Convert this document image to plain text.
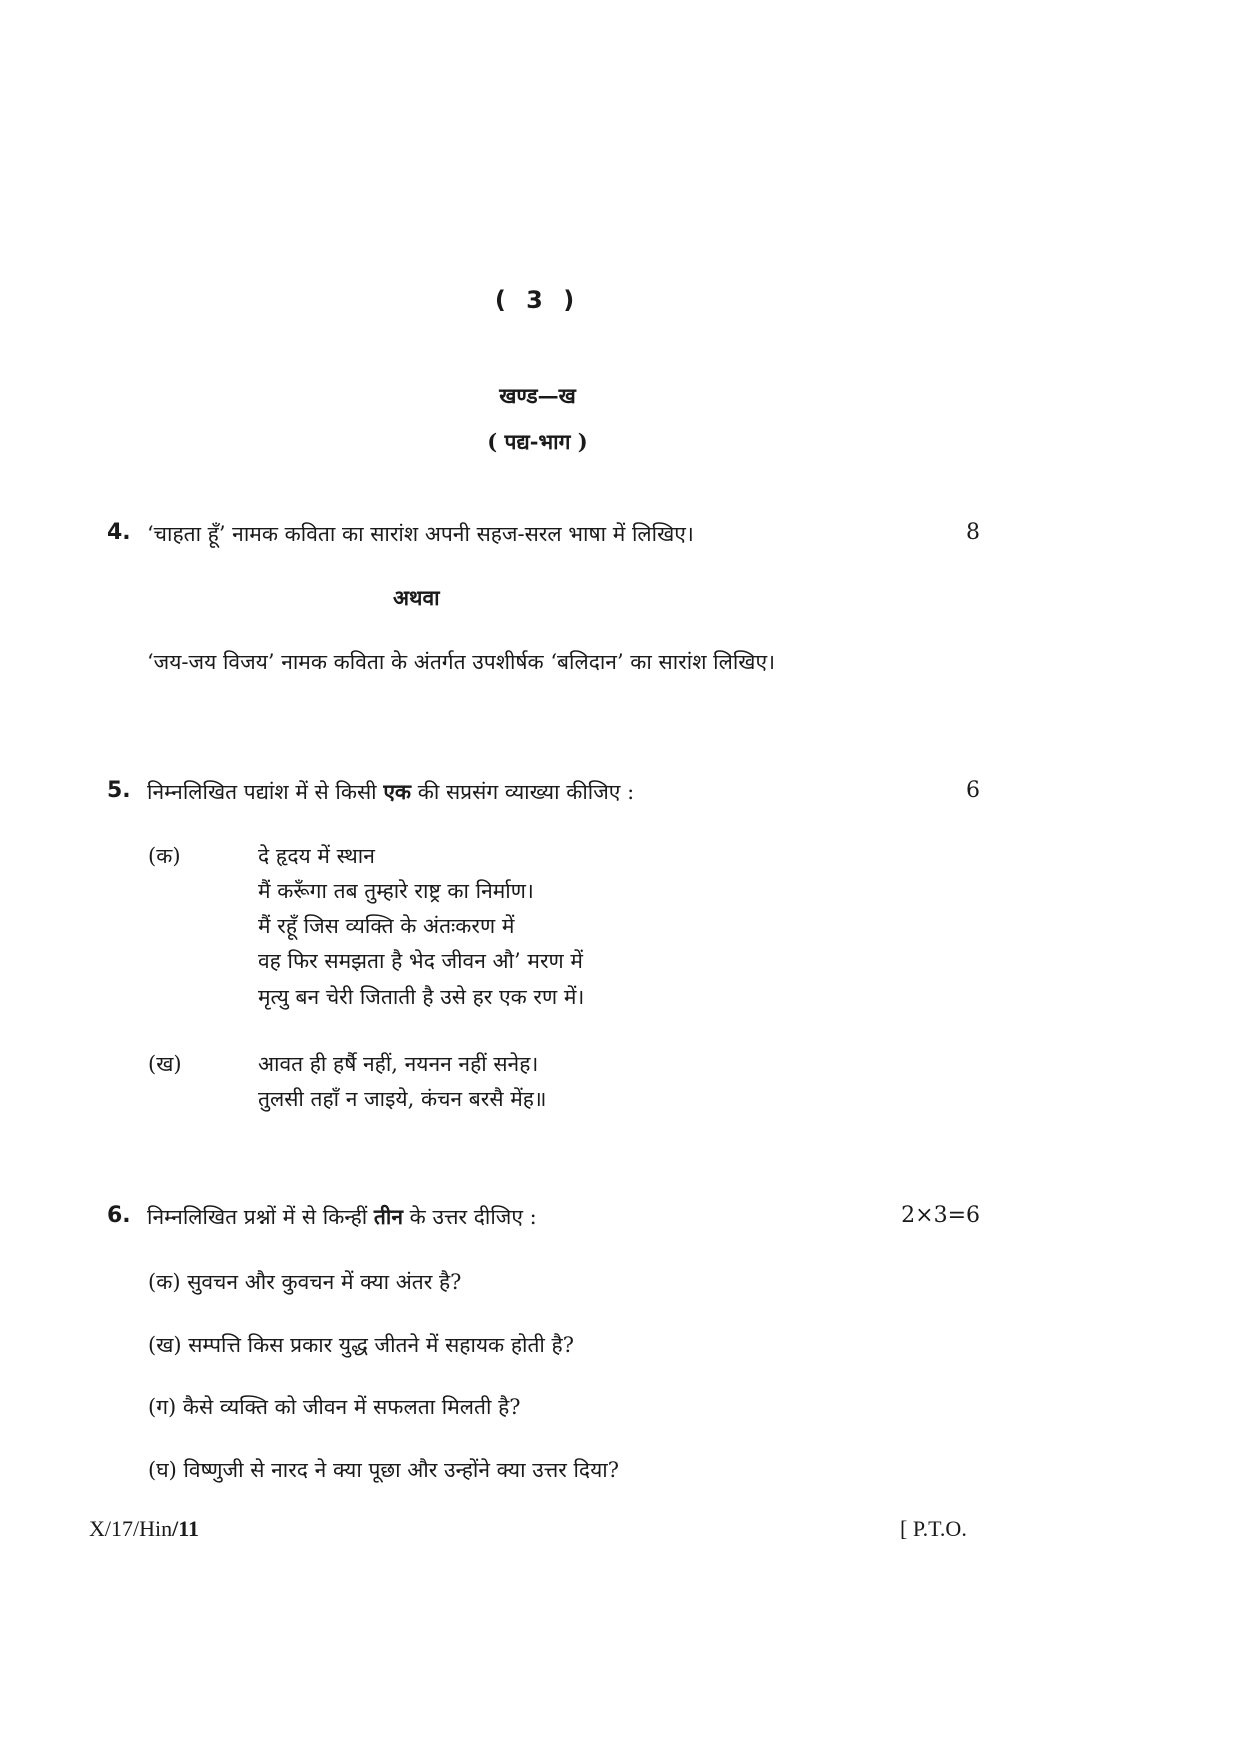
( 3 )
खण्ड—ख
( पद्य-भाग )
4. ‘चाहता हूँ’ नामक कविता का सारांश अपनी सहज-सरल भाषा में लिखिए।	8
अथवा
‘जय-जय विजय’ नामक कविता के अंतर्गत उपशीर्षक ‘बलिदान’ का सारांश लिखिए।
5. निम्नलिखित पद्यांश में से किसी एक की सप्रसंग व्याख्या कीजिए :	6
(क)	दे हृदय में स्थान
मैं करूँगा तब तुम्हारे राष्ट्र का निर्माण।
मैं रहूँ जिस व्यक्ति के अंतःकरण में
वह फिर समझता है भेद जीवन औ’ मरण में
मृत्यु बन चेरी जिताती है उसे हर एक रण में।
(ख)	आवत ही हर्षै नहीं, नयनन नहीं सनेह।
तुलसी तहाँ न जाइये, कंचन बरसै मेंह॥
6. निम्नलिखित प्रश्नों में से किन्हीं तीन के उत्तर दीजिए :	2×3=6
(क) सुवचन और कुवचन में क्या अंतर है?
(ख) सम्पत्ति किस प्रकार युद्ध जीतने में सहायक होती है?
(ग) कैसे व्यक्ति को जीवन में सफलता मिलती है?
(घ) विष्णुजी से नारद ने क्या पूछा और उन्होंने क्या उत्तर दिया?
X/17/Hin/11	[ P.T.O.
